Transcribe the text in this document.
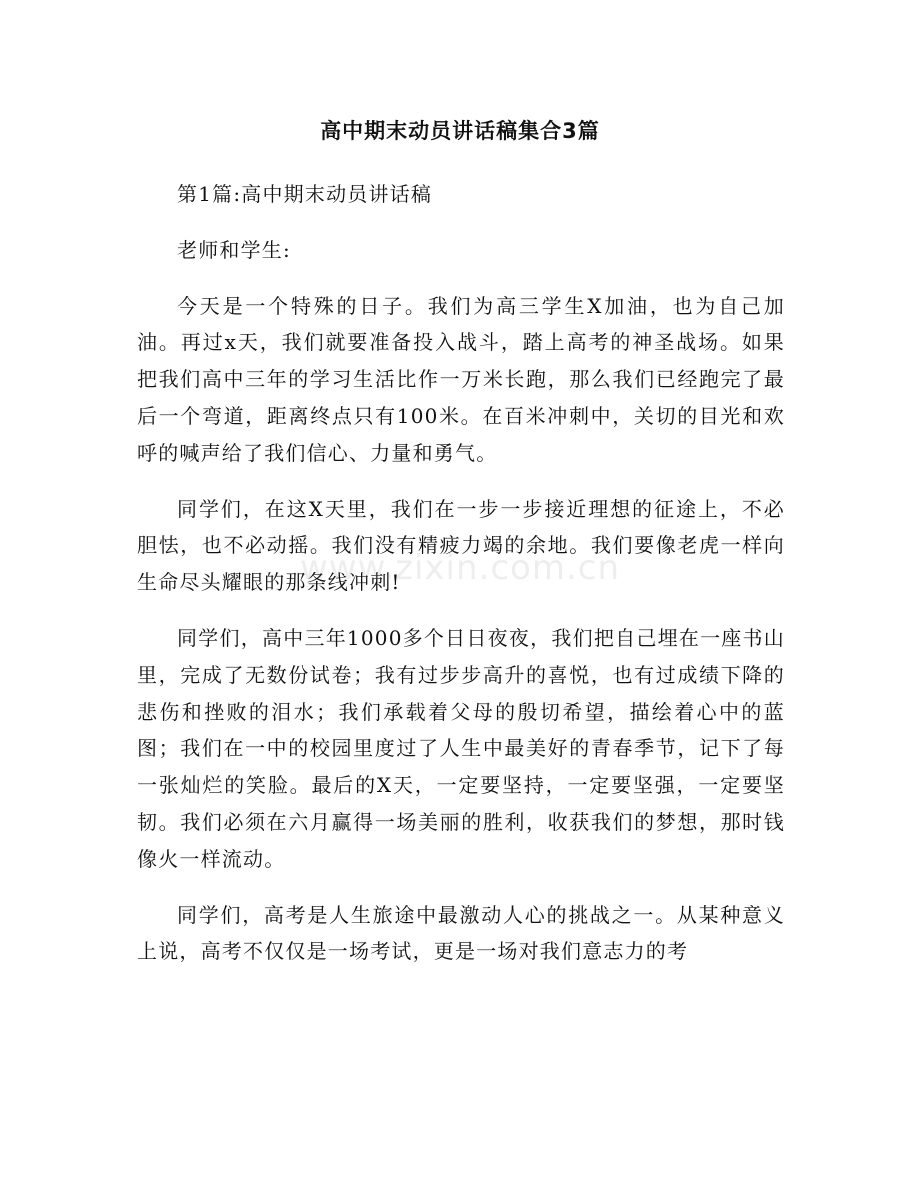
高中期末动员讲话稿集合3篇

第1篇:高中期末动员讲话稿

老师和学生:

今天是一个特殊的日子。我们为高三学生X加油，也为自己加油。再过x天，我们就要准备投入战斗，踏上高考的神圣战场。如果把我们高中三年的学习生活比作一万米长跑，那么我们已经跑完了最后一个弯道，距离终点只有100米。在百米冲刺中，关切的目光和欢呼的喊声给了我们信心、力量和勇气。

同学们，在这X天里，我们在一步一步接近理想的征途上，不必胆怯，也不必动摇。我们没有精疲力竭的余地。我们要像老虎一样向生命尽头耀眼的那条线冲刺!

同学们，高中三年1000多个日日夜夜，我们把自己埋在一座书山里，完成了无数份试卷；我有过步步高升的喜悦，也有过成绩下降的悲伤和挫败的泪水；我们承载着父母的殷切希望，描绘着心中的蓝图；我们在一中的校园里度过了人生中最美好的青春季节，记下了每一张灿烂的笑脸。最后的X天，一定要坚持，一定要坚强，一定要坚韧。我们必须在六月赢得一场美丽的胜利，收获我们的梦想，那时钱像火一样流动。

同学们，高考是人生旅途中最激动人心的挑战之一。从某种意义上说，高考不仅仅是一场考试，更是一场对我们意志力的考

www.zixin.com.cn
